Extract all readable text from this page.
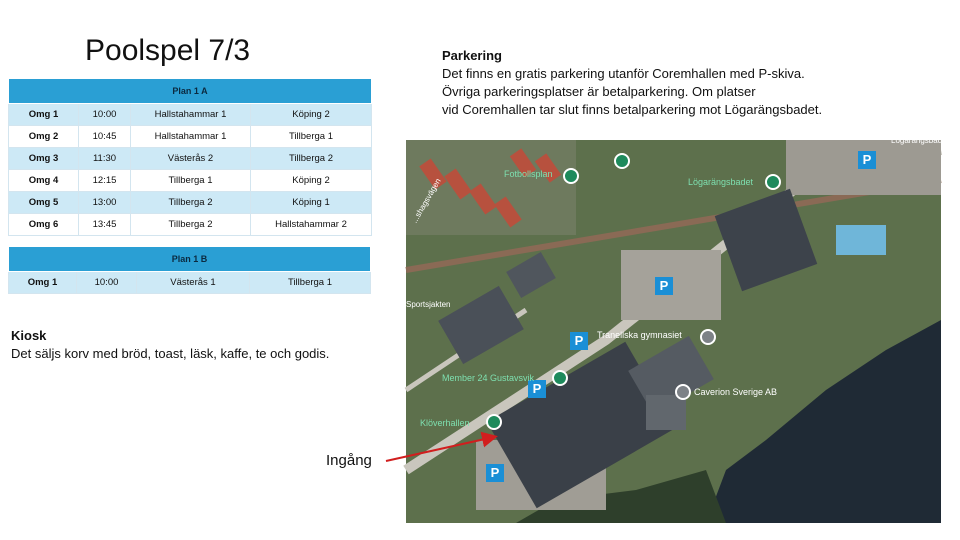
Poolspel 7/3
Plan 1 A			
Omg 1	10:00	Hallstahammar 1	Köping 2
Omg 2	10:45	Hallstahammar 1	Tillberga 1
Omg 3	11:30	Västerås 2	Tillberga 2
Omg 4	12:15	Tillberga 1	Köping 2
Omg 5	13:00	Tillberga 2	Köping 1
Omg 6	13:45	Tillberga 2	Hallstahammar 2
Plan 1 B
Omg 1	10:00	Västerås 1	Tillberga 1

Kiosk

Det säljs korv med bröd, toast, läsk, kaffe, te och godis.

Parkering

Det finns en gratis parkering utanför Coremhallen med P-skiva.

Övriga parkeringsplatser är betalparkering. Om platser

vid Coremhallen tar slut finns betalparkering mot Lögarängsbadet.

P
P
P
P
P
Fotbollsplan
Lögarängsbadet
Lögarängsbadet
Tranellska gymnasiet
Member 24 Gustavsvik
Caverion Sverige AB
Klöverhallen
Sportsjakten
...shagsvägen
Ingång
